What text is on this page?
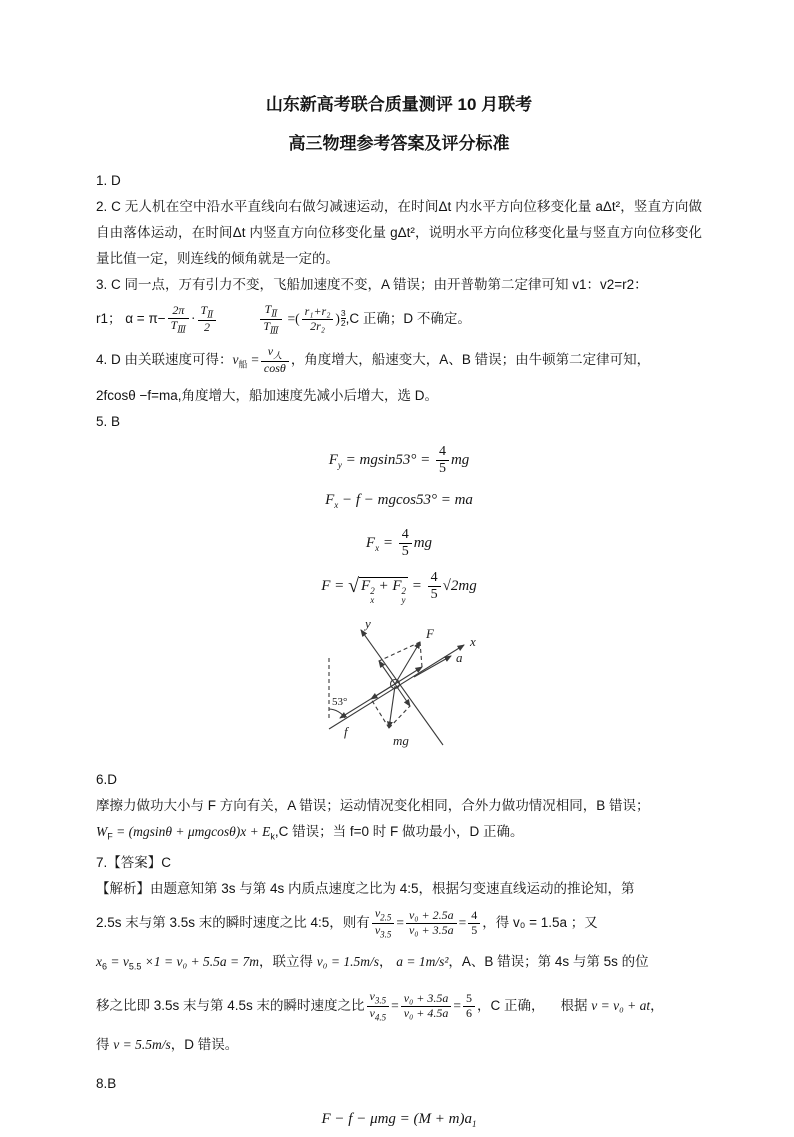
山东新高考联合质量测评 10 月联考
高三物理参考答案及评分标准

1. D

2. C 无人机在空中沿水平直线向右做匀减速运动，在时间Δt 内水平方向位移变化量 aΔt²，竖直方向做自由落体运动，在时间Δt 内竖直方向位移变化量 gΔt²，说明水平方向位移变化量与竖直方向位移变化量比值一定，则连线的倾角就是一定的。

3. C 同一点，万有引力不变，飞船加速度不变，A 错误；由开普勒第二定律可知 v1：v2=r2：

r1； $\alpha = \pi- \frac{2\pi}{T_Ⅲ} \cdot \frac{T_Ⅱ}{2}$	$\frac{T_Ⅱ}{T_Ⅲ}$ =( $\frac{\text{r₁+r₂}}{\text{2r₂}}$ ) $\frac{3}{2} ,C$ 正确；D 不确定。
4. D 由关联速度可得：$v_船 = \frac{v_人}{\cos\theta}$ ，角度增大，船速变大，A、B 错误；由牛顿第二定律可知，

2fcosθ −f=ma,角度增大，船加速度先减小后增大，选 D。

5. B

$F_y = mgsin53^\circ = \frac{4}{5}$ mg
$F_x - f - mgcos53^\circ$ = ma
$F_x = \frac{4}{5}$ mg
F = √ F 2
x
+ F 2
y
= $\frac{4}{5} √2mg$
y
x
F
a
f
mg
53°

6.D

摩擦力做功大小与 F 方向有关，A 错误；运动情况变化相同，合外力做功情况相同，B 错误；

$W_F = (mgsin\theta + \mu mgcos\theta)x + E_k,C$ 错误；当 f=0 时 F 做功最小，D 正确。

7.【答案】C

【解析】由题意知第 3s 与第 4s 内质点速度之比为 4:5，根据匀变速直线运动的推论知，第

2.5s 末与第 3.5s 末的瞬时速度之比 4:5，则有 $\frac{v_{2.5}}{v_{3.5}} = \frac{\text{v₀ + 2.5a}}{\text{v₀ + 3.5a}} = \frac{4}{5}$ ，得 v₀ = 1.5a ；又
$x_6 = v_{5.5} \times 1 = v_0 + 5.5a = 7m$，联立得 v₀ = 1.5m/s， a = 1m/s²，A、B 错误；第 4s 与第 5s 的位
移之比即 3.5s 末与第 4.5s 末的瞬时速度之比 $\frac{v_{3.5}}{v_{4.5}} = \frac{\text{v₀ + 3.5a}}{\text{v₀ + 4.5a}} = \frac{5}{6}$ ，C 正确， 根据 v = v₀ + at，
得 v = 5.5m/s，D 错误。

8.B

$F - f - \mu mg = (M + m)a_1$
